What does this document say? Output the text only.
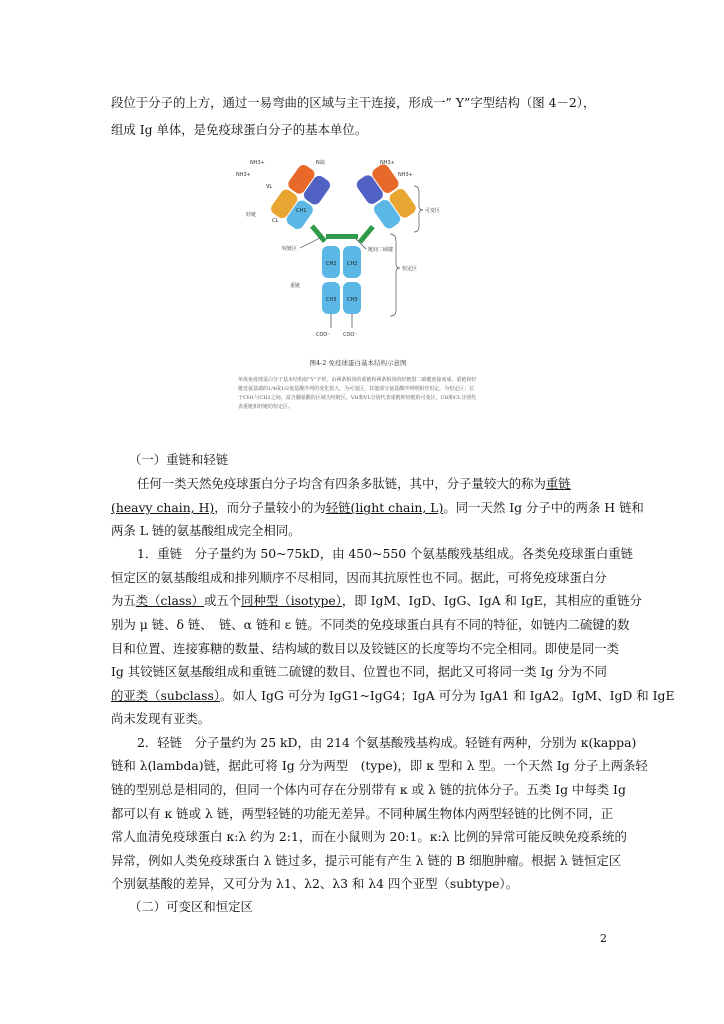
段位于分子的上方，通过一易弯曲的区域与主干连接，形成一” Y”字型结构（图 4－2），
组成 Ig 单体，是免疫球蛋白分子的基本单位。
NH3+
NH3+
N端	NH3+
NH3+
VL
VH
CL
CH1
CH2 CH2
CH3 CH3
COO⁻	COO⁻
轻链
重链
铰链区	链间二硫键
可变区
恒定区
图4-2 免疫球蛋白基本结构示意图
单体免疫球蛋白分子基本结构似“Y”字形，由两条相同的重链和两条相同的轻链借二硫键连接而成。重链和轻链近氨基端的1/4或1/2氨基酸序列的变化很大，为可变区，其他部分氨基酸序列则相对恒定，为恒定区；位于CH1与CH2之间、富含脯氨酸的区域为铰链区。VH和VL分别代表重链和轻链的可变区，CH和CL分别代表重链和轻链的恒定区。
（一）重链和轻链
任何一类天然免疫球蛋白分子均含有四条多肽链，其中，分子量较大的称为重链
(heavy chain, H)，而分子量较小的为轻链(light chain, L)。同一天然 Ig 分子中的两条 H 链和
两条 L 链的氨基酸组成完全相同。
1．重链　分子量约为 50~75kD，由 450~550 个氨基酸残基组成。各类免疫球蛋白重链
恒定区的氨基酸组成和排列顺序不尽相同，因而其抗原性也不同。据此，可将免疫球蛋白分
为五类（class）或五个同种型（isotype），即 IgM、IgD、IgG、IgA 和 IgE，其相应的重链分
别为 μ 链、δ 链、　链、α 链和 ε 链。不同类的免疫球蛋白具有不同的特征，如链内二硫键的数
目和位置、连接寡糖的数量、结构域的数目以及铰链区的长度等均不完全相同。即使是同一类
Ig 其铰链区氨基酸组成和重链二硫键的数目、位置也不同，据此又可将同一类 Ig 分为不同
的亚类（subclass）。如人 IgG 可分为 IgG1~IgG4；IgA 可分为 IgA1 和 IgA2。IgM、IgD 和 IgE
尚未发现有亚类。
2．轻链　分子量约为 25 kD，由 214 个氨基酸残基构成。轻链有两种，分别为 κ(kappa)
链和 λ(lambda)链，据此可将 Ig 分为两型　(type)，即 κ 型和 λ 型。一个天然 Ig 分子上两条轻
链的型别总是相同的，但同一个体内可存在分别带有 κ 或 λ 链的抗体分子。五类 Ig 中每类 Ig
都可以有 κ 链或 λ 链，两型轻链的功能无差异。不同种属生物体内两型轻链的比例不同，正
常人血清免疫球蛋白 κ:λ 约为 2:1，而在小鼠则为 20:1。κ:λ 比例的异常可能反映免疫系统的
异常，例如人类免疫球蛋白 λ 链过多，提示可能有产生 λ 链的 B 细胞肿瘤。根据 λ 链恒定区
个别氨基酸的差异，又可分为 λ1、λ2、λ3 和 λ4 四个亚型（subtype）。
（二）可变区和恒定区
2
